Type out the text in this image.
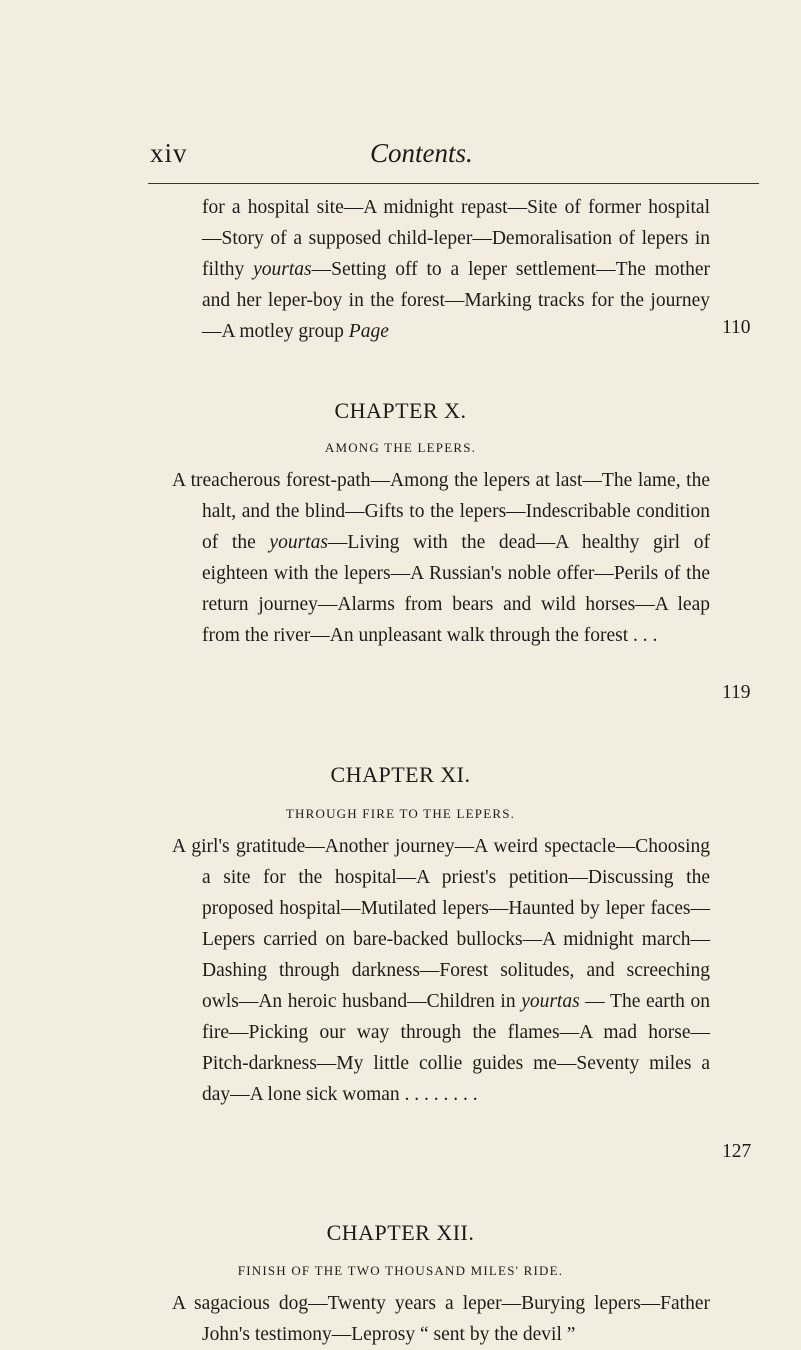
xiv	Contents.

for a hospital site—A midnight repast—Site of former hospital—Story of a supposed child-leper—Demoralisation of lepers in filthy yourtas—Setting off to a leper settlement—The mother and her leper-boy in the forest—Marking tracks for the journey—A motley group Page	110
CHAPTER X.
AMONG THE LEPERS.

A treacherous forest-path—Among the lepers at last—The lame, the halt, and the blind—Gifts to the lepers—Indescribable condition of the yourtas—Living with the dead—A healthy girl of eighteen with the lepers—A Russian's noble offer—Perils of the return journey—Alarms from bears and wild horses—A leap from the river—An unpleasant walk through the forest . . .

119
CHAPTER XI.
THROUGH FIRE TO THE LEPERS.

A girl's gratitude—Another journey—A weird spectacle—Choosing a site for the hospital—A priest's petition—Discussing the proposed hospital—Mutilated lepers—Haunted by leper faces—Lepers carried on bare-backed bullocks—A midnight march—Dashing through darkness—Forest solitudes, and screeching owls—An heroic husband—Children in yourtas — The earth on fire—Picking our way through the flames—A mad horse—Pitch-darkness—My little collie guides me—Seventy miles a day—A lone sick woman . . . . . . . .

127
CHAPTER XII.
FINISH OF THE TWO THOUSAND MILES' RIDE.

A sagacious dog—Twenty years a leper—Burying lepers—Father John's testimony—Leprosy “ sent by the devil ”
